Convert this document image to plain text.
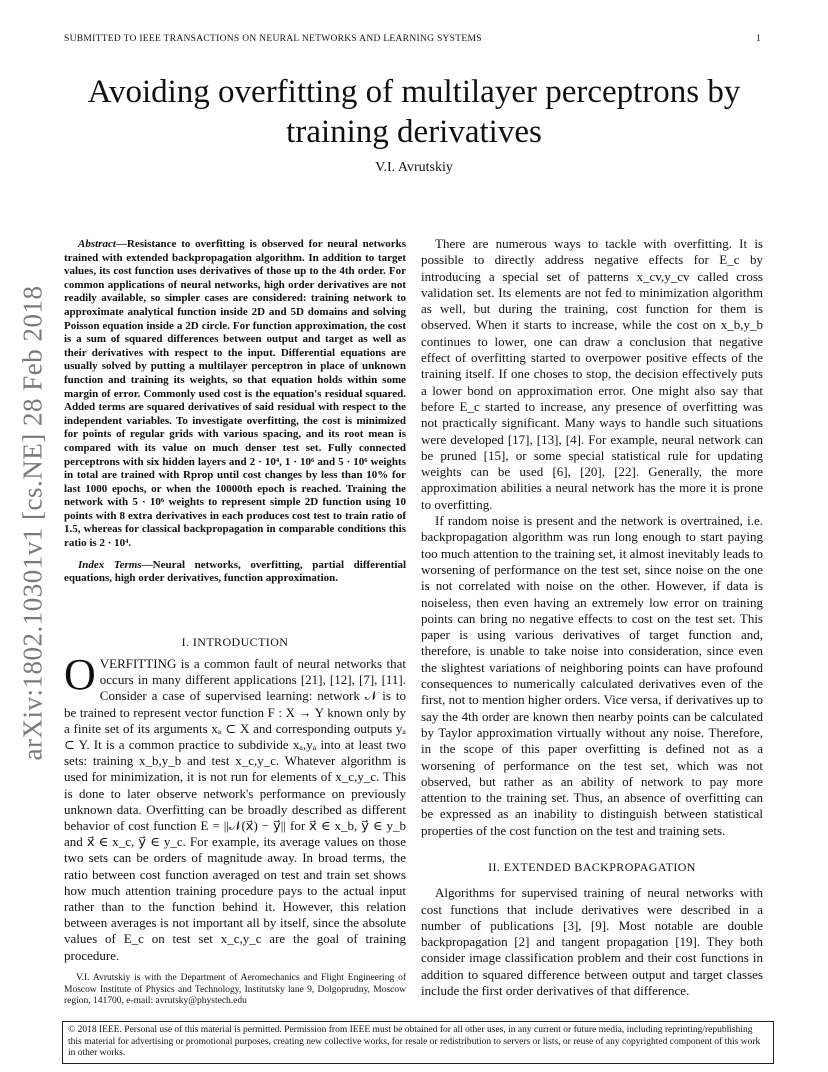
SUBMITTED TO IEEE TRANSACTIONS ON NEURAL NETWORKS AND LEARNING SYSTEMS	1
arXiv:1802.10301v1 [cs.NE] 28 Feb 2018
Avoiding overfitting of multilayer perceptrons by training derivatives
V.I. Avrutskiy

Abstract—Resistance to overfitting is observed for neural networks trained with extended backpropagation algorithm. In addition to target values, its cost function uses derivatives of those up to the 4th order. For common applications of neural networks, high order derivatives are not readily available, so simpler cases are considered: training network to approximate analytical function inside 2D and 5D domains and solving Poisson equation inside a 2D circle. For function approximation, the cost is a sum of squared differences between output and target as well as their derivatives with respect to the input. Differential equations are usually solved by putting a multilayer perceptron in place of unknown function and training its weights, so that equation holds within some margin of error. Commonly used cost is the equation's residual squared. Added terms are squared derivatives of said residual with respect to the independent variables. To investigate overfitting, the cost is minimized for points of regular grids with various spacing, and its root mean is compared with its value on much denser test set. Fully connected perceptrons with six hidden layers and 2 · 10⁴, 1 · 10⁶ and 5 · 10⁶ weights in total are trained with Rprop until cost changes by less than 10% for last 1000 epochs, or when the 10000th epoch is reached. Training the network with 5 · 10⁶ weights to represent simple 2D function using 10 points with 8 extra derivatives in each produces cost test to train ratio of 1.5, whereas for classical backpropagation in comparable conditions this ratio is 2 · 10⁴.

Index Terms—Neural networks, overfitting, partial differential equations, high order derivatives, function approximation.

I. INTRODUCTION

OVERFITTING is a common fault of neural networks that occurs in many different applications [21], [12], [7], [11]. Consider a case of supervised learning: network 𝒩 is to be trained to represent vector function F : X → Y known only by a finite set of its arguments xₐ ⊂ X and corresponding outputs yₐ ⊂ Y. It is a common practice to subdivide xₐ,yₐ into at least two sets: training x_b,y_b and test x_c,y_c. Whatever algorithm is used for minimization, it is not run for elements of x_c,y_c. This is done to later observe network's performance on previously unknown data. Overfitting can be broadly described as different behavior of cost function E = ||𝒩(x⃗) − y⃗|| for x⃗ ∈ x_b, y⃗ ∈ y_b and x⃗ ∈ x_c, y⃗ ∈ y_c. For example, its average values on those two sets can be orders of magnitude away. In broad terms, the ratio between cost function averaged on test and train set shows how much attention training procedure pays to the actual input rather than to the function behind it. However, this relation between averages is not important all by itself, since the absolute values of E_c on test set x_c,y_c are the goal of training procedure.
V.I. Avrutskiy is with the Department of Aeromechanics and Flight Engineering of Moscow Institute of Physics and Technology, Institutsky lane 9, Dolgoprudny, Moscow region, 141700, e-mail: avrutsky@phystech.edu

There are numerous ways to tackle with overfitting. It is possible to directly address negative effects for E_c by introducing a special set of patterns x_cv,y_cv called cross validation set. Its elements are not fed to minimization algorithm as well, but during the training, cost function for them is observed. When it starts to increase, while the cost on x_b,y_b continues to lower, one can draw a conclusion that negative effect of overfitting started to overpower positive effects of the training itself. If one choses to stop, the decision effectively puts a lower bond on approximation error. One might also say that before E_c started to increase, any presence of overfitting was not practically significant. Many ways to handle such situations were developed [17], [13], [4]. For example, neural network can be pruned [15], or some special statistical rule for updating weights can be used [6], [20], [22]. Generally, the more approximation abilities a neural network has the more it is prone to overfitting.

If random noise is present and the network is overtrained, i.e. backpropagation algorithm was run long enough to start paying too much attention to the training set, it almost inevitably leads to worsening of performance on the test set, since noise on the one is not correlated with noise on the other. However, if data is noiseless, then even having an extremely low error on training points can bring no negative effects to cost on the test set. This paper is using various derivatives of target function and, therefore, is unable to take noise into consideration, since even the slightest variations of neighboring points can have profound consequences to numerically calculated derivatives even of the first, not to mention higher orders. Vice versa, if derivatives up to say the 4th order are known then nearby points can be calculated by Taylor approximation virtually without any noise. Therefore, in the scope of this paper overfitting is defined not as a worsening of performance on the test set, which was not observed, but rather as an ability of network to pay more attention to the training set. Thus, an absence of overfitting can be expressed as an inability to distinguish between statistical properties of the cost function on the test and training sets.

II. EXTENDED BACKPROPAGATION

Algorithms for supervised training of neural networks with cost functions that include derivatives were described in a number of publications [3], [9]. Most notable are double backpropagation [2] and tangent propagation [19]. They both consider image classification problem and their cost functions in addition to squared difference between output and target classes include the first order derivatives of that difference.

© 2018 IEEE. Personal use of this material is permitted. Permission from IEEE must be obtained for all other uses, in any current or future media, including reprinting/republishing this material for advertising or promotional purposes, creating new collective works, for resale or redistribution to servers or lists, or reuse of any copyrighted component of this work in other works.
